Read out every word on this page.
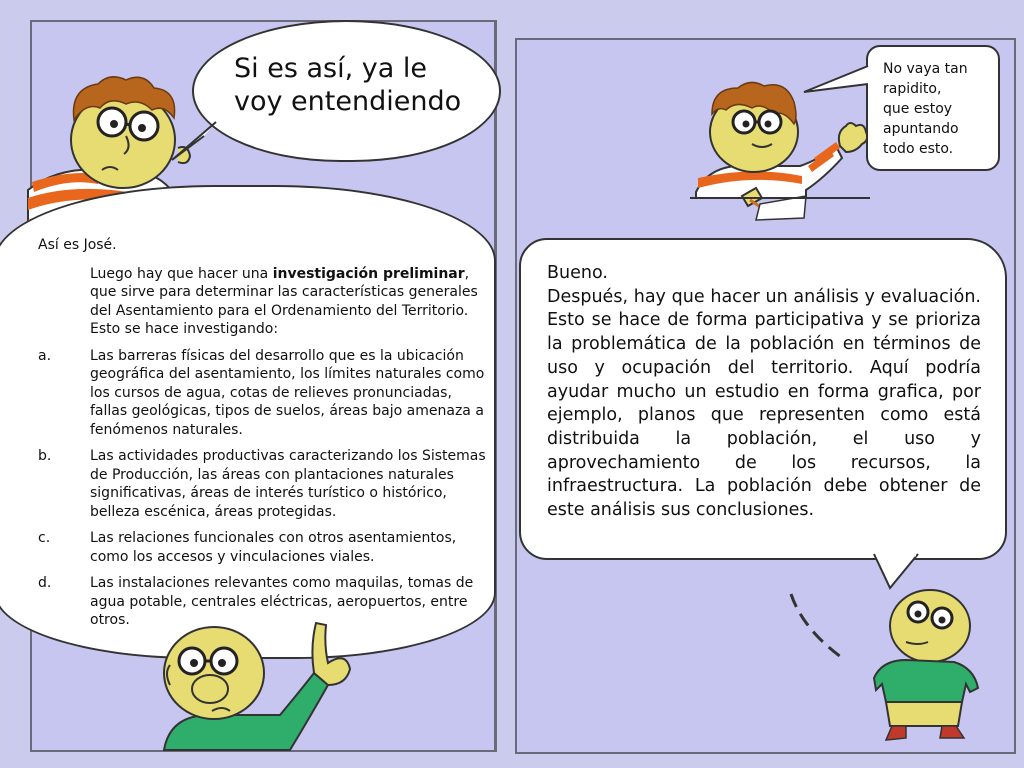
Si es así, ya le
voy entendiendo

Así es José.

Luego hay que hacer una investigación preliminar, que sirve para determinar las características generales del Asentamiento para el Ordenamiento del Territorio. Esto se hace investigando:

a.	Las barreras físicas del desarrollo que es la ubicación geográfica del asentamiento, los límites naturales como los cursos de agua, cotas de relieves pronunciadas, fallas geológicas, tipos de suelos, áreas bajo amenaza a fenómenos naturales.

b.	Las actividades productivas caracterizando los Sistemas de Producción, las áreas con plantaciones naturales significativas, áreas de interés turístico o histórico, belleza escénica, áreas protegidas.

c.	Las relaciones funcionales con otros asentamientos, como los accesos y vinculaciones viales.

d.	Las instalaciones relevantes como maquilas, tomas de agua potable, centrales eléctricas, aeropuertos, entre otros.

No vaya tan
rapidito,
que estoy
apuntando
todo esto.
Bueno.
Después, hay que hacer un análisis y evaluación. Esto se hace de forma participativa y se prioriza la problemática de la población en términos de uso y ocupación del territorio. Aquí podría ayudar mucho un estudio en forma grafica, por ejemplo, planos que representen como está distribuida la población, el uso y aprovechamiento de los recursos, la infraestructura. La población debe obtener de este análisis sus conclusiones.
